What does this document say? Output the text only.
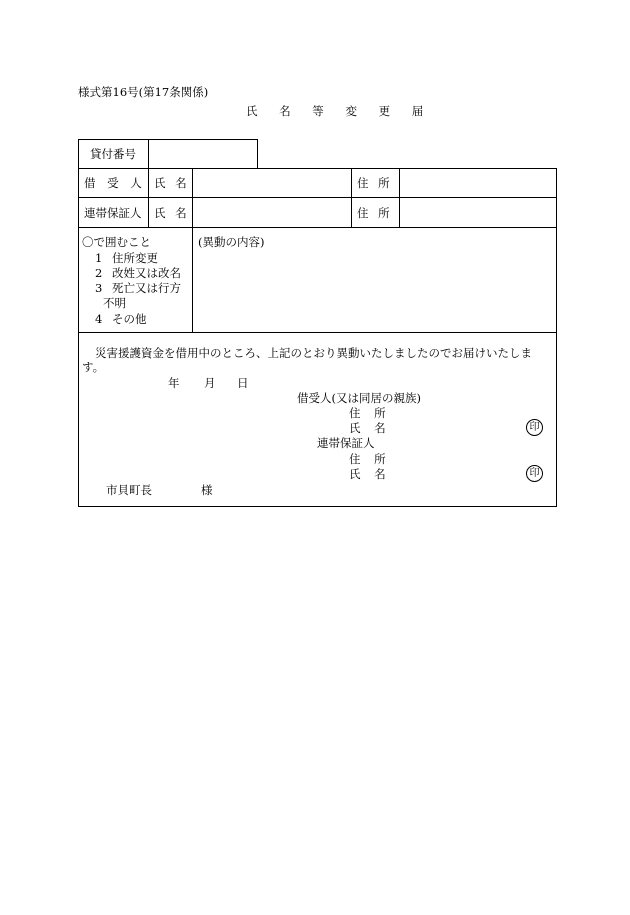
様式第16号(第17条関係)
氏 名 等 変 更 届
貸付番号
借 受 人 氏 名	住 所
連帯保証人 氏 名	住 所
〇で囲むこと
1 住所変更
2 改姓又は改名
3 死亡又は行方
不明
4 その他
(異動の内容)
災害援護資金を借用中のところ、上記のとおり異動いたしましたのでお届けいたしま
す。
年 月 日
借受人(又は同居の親族)
住 所
氏 名	印
連帯保証人
住 所
氏 名	印
市貝町長	様
